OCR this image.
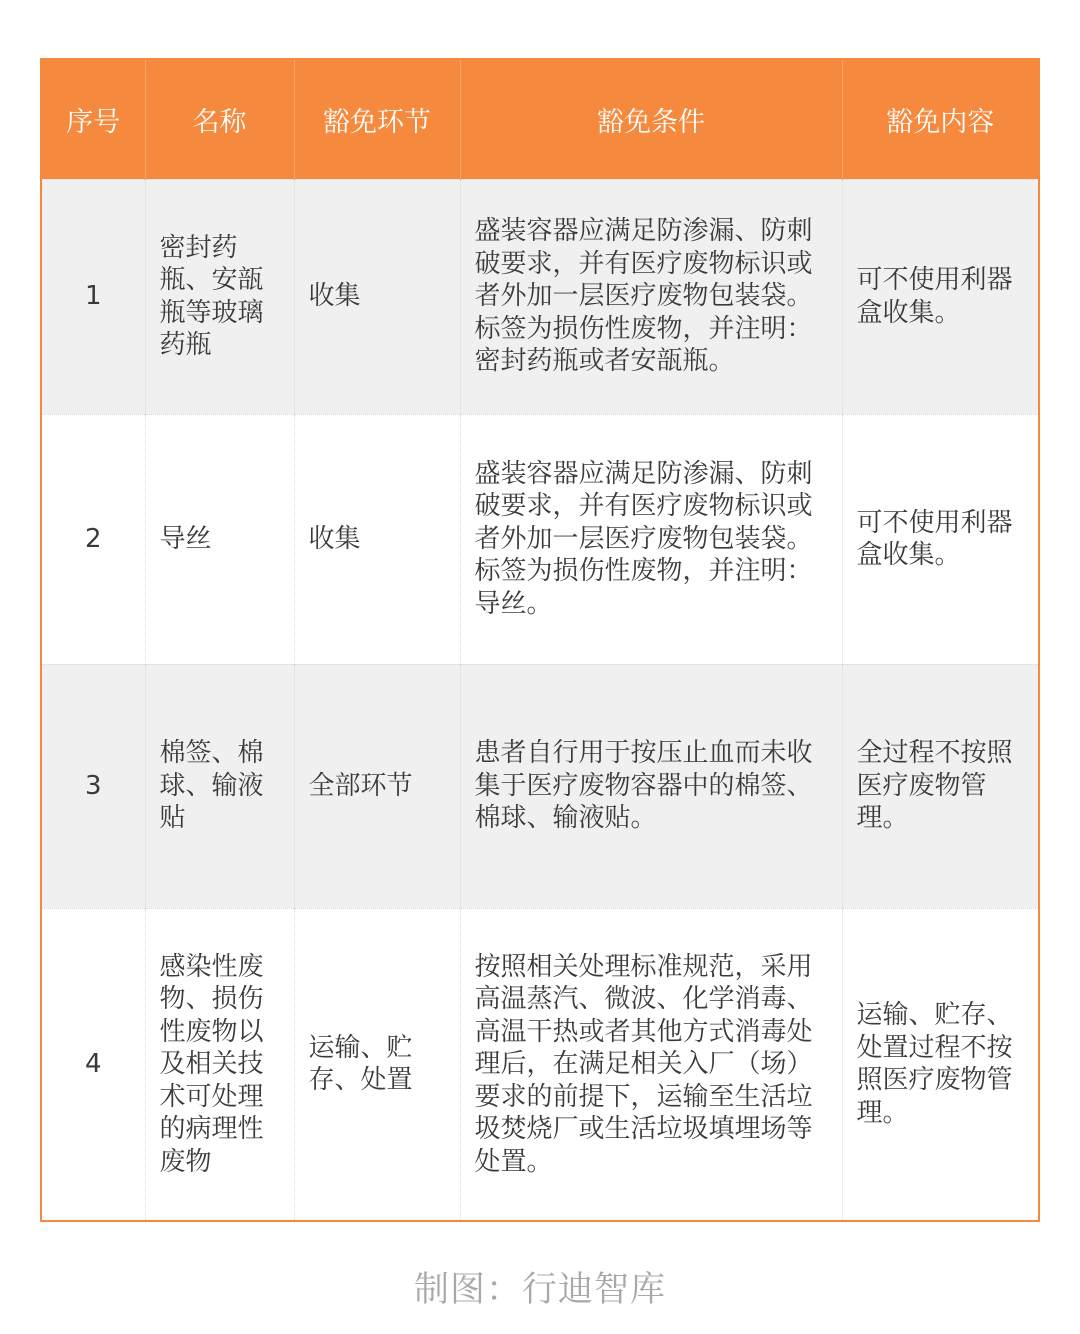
序号	名称	豁免环节	豁免条件	豁免内容
1	密封药瓶、安瓿瓶等玻璃药瓶	收集	盛装容器应满足防渗漏、防刺破要求，并有医疗废物标识或者外加一层医疗废物包装袋。标签为损伤性废物，并注明：密封药瓶或者安瓿瓶。	可不使用利器盒收集。
2	导丝	收集	盛装容器应满足防渗漏、防刺破要求，并有医疗废物标识或者外加一层医疗废物包装袋。标签为损伤性废物，并注明：导丝。	可不使用利器盒收集。
3	棉签、棉球、输液贴	全部环节	患者自行用于按压止血而未收集于医疗废物容器中的棉签、棉球、输液贴。	全过程不按照医疗废物管理。
4	感染性废物、损伤性废物以及相关技术可处理的病理性废物	运输、贮存、处置	按照相关处理标准规范，采用高温蒸汽、微波、化学消毒、高温干热或者其他方式消毒处理后，在满足相关入厂（场）要求的前提下，运输至生活垃圾焚烧厂或生活垃圾填埋场等处置。	运输、贮存、处置过程不按照医疗废物管理。
制图：行迪智库
